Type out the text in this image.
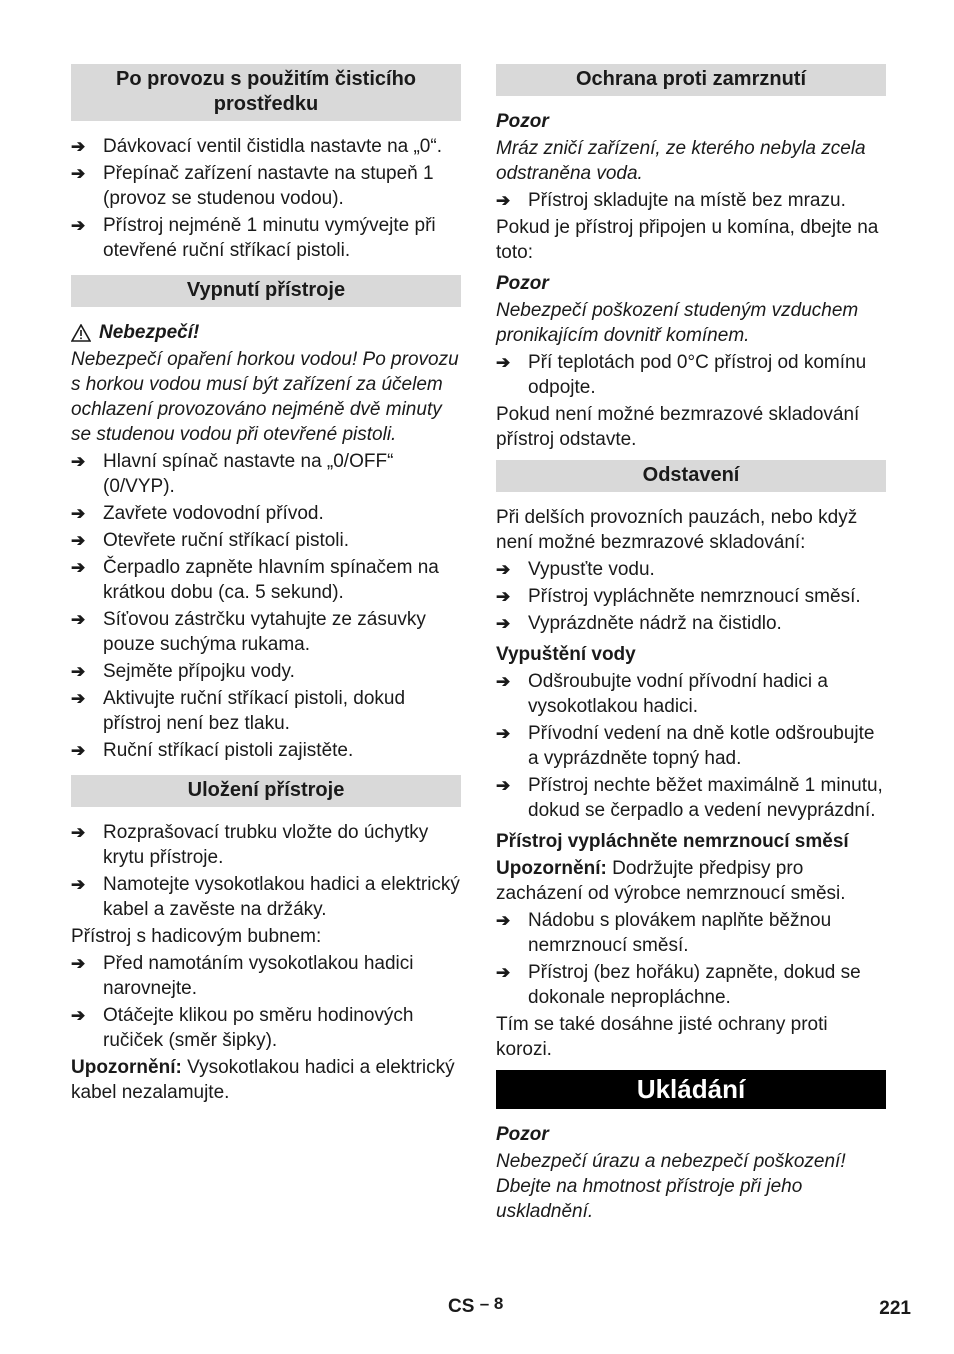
Po provozu s použitím čisticího prostředku
➔ Dávkovací ventil čistidla nastavte na „0“.
➔ Přepínač zařízení nastavte na stupeň 1 (provoz se studenou vodou).
➔ Přístroj nejméně 1 minutu vymývejte při otevřené ruční stříkací pistoli.
Vypnutí přístroje
Nebezpečí!
Nebezpečí opaření horkou vodou! Po provozu s horkou vodou musí být zařízení za účelem ochlazení provozováno nejméně dvě minuty se studenou vodou při otevřené pistoli.
➔ Hlavní spínač nastavte na „0/OFF“ (0/VYP).
➔ Zavřete vodovodní přívod.
➔ Otevřete ruční stříkací pistoli.
➔ Čerpadlo zapněte hlavním spínačem na krátkou dobu (ca. 5 sekund).
➔ Síťovou zástrčku vytahujte ze zásuvky pouze suchýma rukama.
➔ Sejměte přípojku vody.
➔ Aktivujte ruční stříkací pistoli, dokud přístroj není bez tlaku.
➔ Ruční stříkací pistoli zajistěte.
Uložení přístroje
➔ Rozprašovací trubku vložte do úchytky krytu přístroje.
➔ Namotejte vysokotlakou hadici a elektrický kabel a zavěste na držáky.
Přístroj s hadicovým bubnem:
➔ Před namotáním vysokotlakou hadici narovnejte.
➔ Otáčejte klikou po směru hodinových ručiček (směr šipky).
Upozornění: Vysokotlakou hadici a elektrický kabel nezalamujte.
Ochrana proti zamrznutí
Pozor
Mráz zničí zařízení, ze kterého nebyla zcela odstraněna voda.
➔ Přístroj skladujte na místě bez mrazu.
Pokud je přístroj připojen u komína, dbejte na toto:
Pozor
Nebezpečí poškození studeným vzduchem pronikajícím dovnitř komínem.
➔ Pří teplotách pod 0°C přístroj od komínu odpojte.
Pokud není možné bezmrazové skladování přístroj odstavte.
Odstavení
Při delších provozních pauzách, nebo když není možné bezmrazové skladování:
➔ Vypusťte vodu.
➔ Přístroj vypláchněte nemrznoucí směsí.
➔ Vyprázdněte nádrž na čistidlo.
Vypuštění vody
➔ Odšroubujte vodní přívodní hadici a vysokotlakou hadici.
➔ Přívodní vedení na dně kotle odšroubujte a vyprázdněte topný had.
➔ Přístroj nechte běžet maximálně 1 minutu, dokud se čerpadlo a vedení nevyprázdní.
Přístroj vypláchněte nemrznoucí směsí
Upozornění: Dodržujte předpisy pro zacházení od výrobce nemrznoucí směsi.
➔ Nádobu s plovákem naplňte běžnou nemrznoucí směsí.
➔ Přístroj (bez hořáku) zapněte, dokud se dokonale nepropláchne.
Tím se také dosáhne jisté ochrany proti korozi.
Ukládání
Pozor
Nebezpečí úrazu a nebezpečí poškození! Dbejte na hmotnost přístroje při jeho uskladnění.
CS – 8	221
